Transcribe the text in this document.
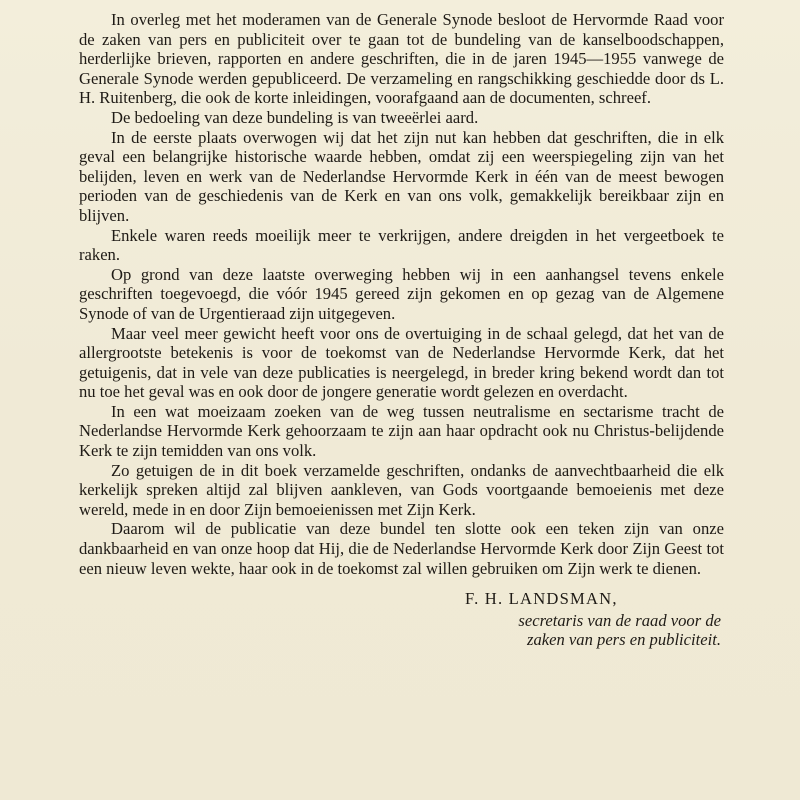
In overleg met het moderamen van de Generale Synode besloot de Hervormde Raad voor de zaken van pers en publiciteit over te gaan tot de bundeling van de kanselboodschappen, herderlijke brieven, rapporten en andere geschriften, die in de jaren 1945—1955 vanwege de Generale Synode werden gepubliceerd. De verzameling en rangschikking geschiedde door ds L. H. Ruitenberg, die ook de korte inleidingen, voorafgaand aan de documenten, schreef.

De bedoeling van deze bundeling is van tweeërlei aard.

In de eerste plaats overwogen wij dat het zijn nut kan hebben dat geschriften, die in elk geval een belangrijke historische waarde hebben, omdat zij een weerspiegeling zijn van het belijden, leven en werk van de Nederlandse Hervormde Kerk in één van de meest bewogen perioden van de geschiedenis van de Kerk en van ons volk, gemakkelijk bereikbaar zijn en blijven.

Enkele waren reeds moeilijk meer te verkrijgen, andere dreigden in het vergeetboek te raken.

Op grond van deze laatste overweging hebben wij in een aanhangsel tevens enkele geschriften toegevoegd, die vóór 1945 gereed zijn gekomen en op gezag van de Algemene Synode of van de Urgentieraad zijn uitgegeven.

Maar veel meer gewicht heeft voor ons de overtuiging in de schaal gelegd, dat het van de allergrootste betekenis is voor de toekomst van de Nederlandse Hervormde Kerk, dat het getuigenis, dat in vele van deze publicaties is neergelegd, in breder kring bekend wordt dan tot nu toe het geval was en ook door de jongere generatie wordt gelezen en overdacht.

In een wat moeizaam zoeken van de weg tussen neutralisme en sectarisme tracht de Nederlandse Hervormde Kerk gehoorzaam te zijn aan haar opdracht ook nu Christus-belijdende Kerk te zijn temidden van ons volk.

Zo getuigen de in dit boek verzamelde geschriften, ondanks de aanvechtbaarheid die elk kerkelijk spreken altijd zal blijven aankleven, van Gods voortgaande bemoeienis met deze wereld, mede in en door Zijn bemoeienissen met Zijn Kerk.

Daarom wil de publicatie van deze bundel ten slotte ook een teken zijn van onze dankbaarheid en van onze hoop dat Hij, die de Nederlandse Hervormde Kerk door Zijn Geest tot een nieuw leven wekte, haar ook in de toekomst zal willen gebruiken om Zijn werk te dienen.

F. H. LANDSMAN,
secretaris van de raad voor de
zaken van pers en publiciteit.
